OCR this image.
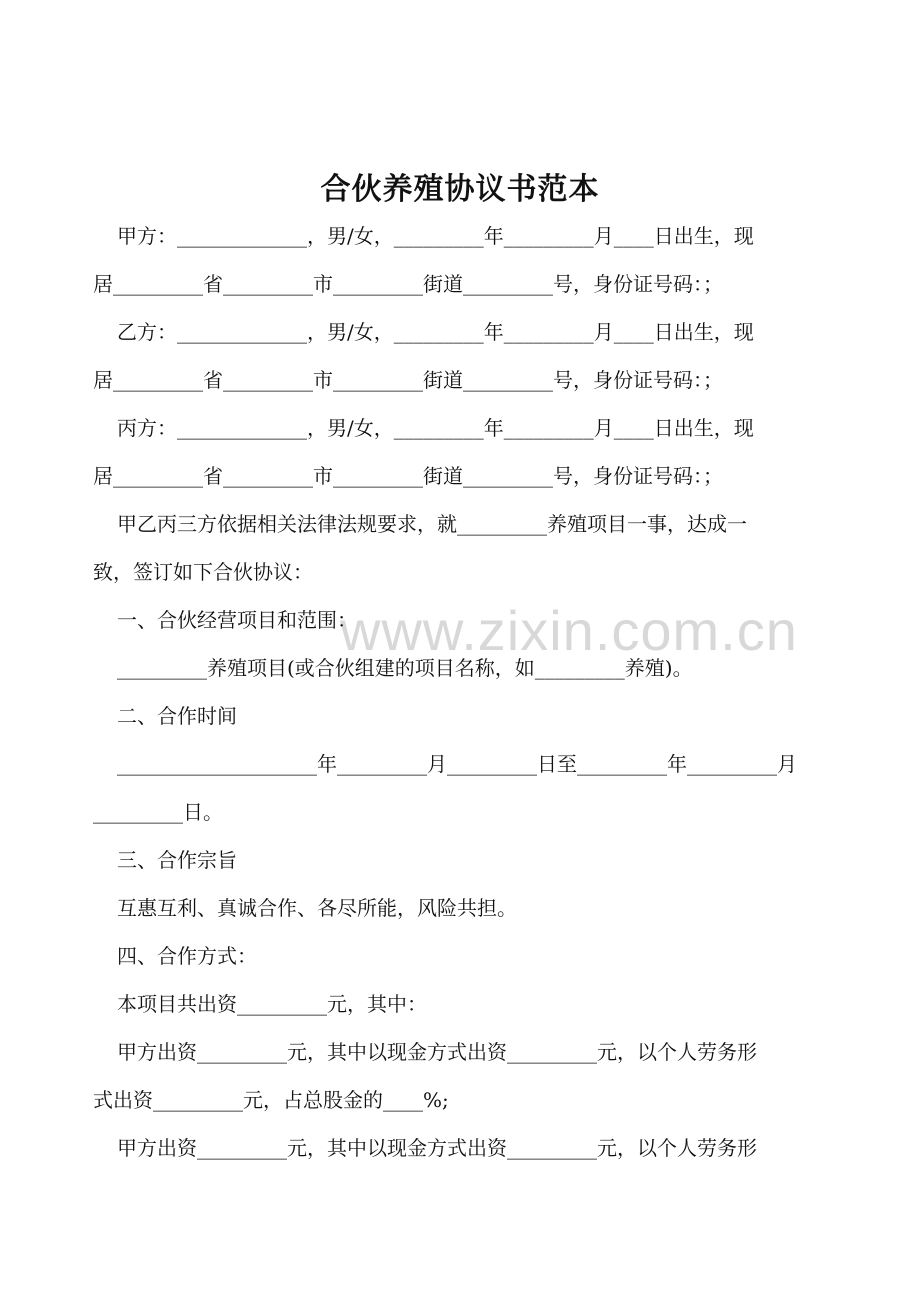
合伙养殖协议书范本
www.zixin.com.cn

甲方：_____________，男/女，_________年_________月____日出生，现

居_________省_________市_________街道_________号，身份证号码：；

乙方：_____________，男/女，_________年_________月____日出生，现

居_________省_________市_________街道_________号，身份证号码：；

丙方：_____________，男/女，_________年_________月____日出生，现

居_________省_________市_________街道_________号，身份证号码：；

甲乙丙三方依据相关法律法规要求，就_________养殖项目一事，达成一

致，签订如下合伙协议：

一、合伙经营项目和范围：

_________养殖项目(或合伙组建的项目名称，如_________养殖)。

二、合作时间

____________________年_________月_________日至_________年_________月

_________日。

三、合作宗旨

互惠互利、真诚合作、各尽所能，风险共担。

四、合作方式：

本项目共出资_________元，其中：

甲方出资_________元，其中以现金方式出资_________元，以个人劳务形

式出资_________元，占总股金的____%;

甲方出资_________元，其中以现金方式出资_________元，以个人劳务形
